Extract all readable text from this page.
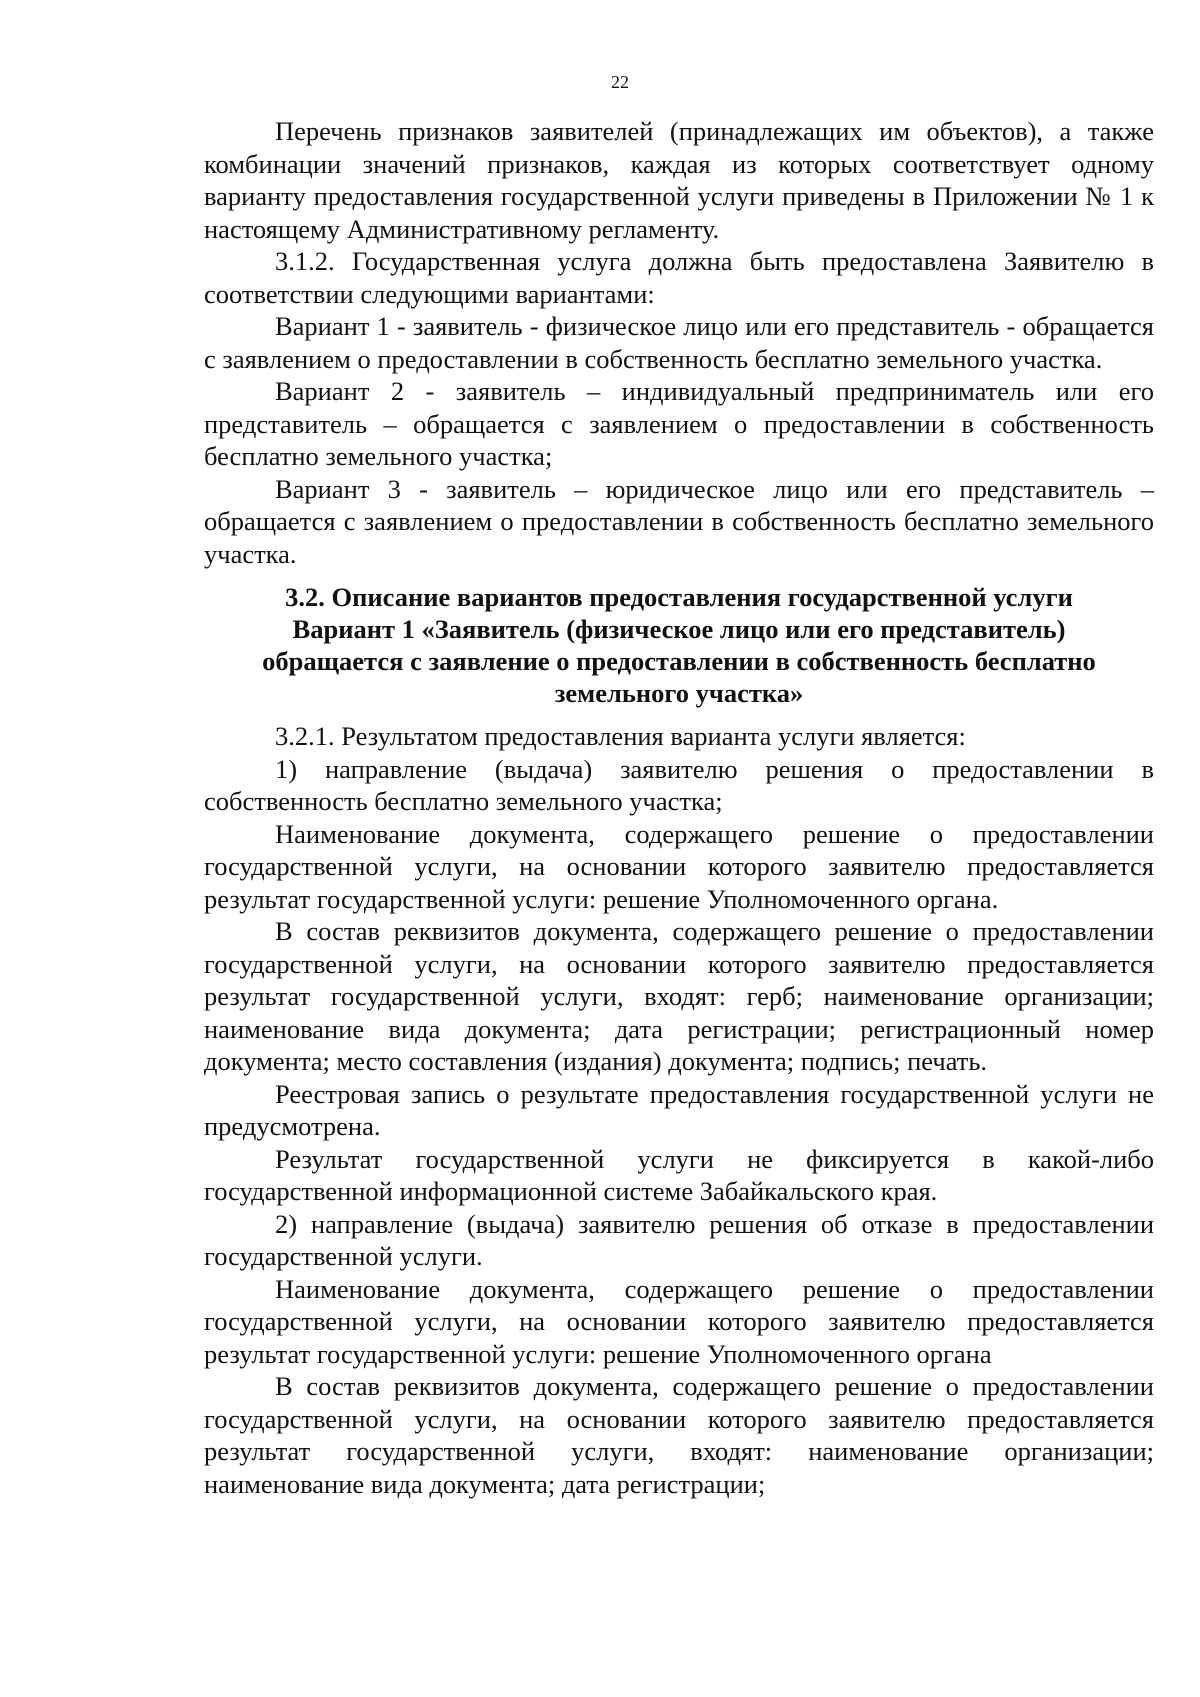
22

Перечень признаков заявителей (принадлежащих им объектов), а также комбинации значений признаков, каждая из которых соответствует одному варианту предоставления государственной услуги приведены в Приложении № 1 к настоящему Административному регламенту.

3.1.2. Государственная услуга должна быть предоставлена Заявителю в соответствии следующими вариантами:

Вариант 1 - заявитель - физическое лицо или его представитель - обращается с заявлением о предоставлении в собственность бесплатно земельного участка.

Вариант 2 - заявитель – индивидуальный предприниматель или его представитель – обращается с заявлением о предоставлении в собственность бесплатно земельного участка;

Вариант 3 - заявитель – юридическое лицо или его представитель – обращается с заявлением о предоставлении в собственность бесплатно земельного участка.

3.2. Описание вариантов предоставления государственной услуги
Вариант 1 «Заявитель (физическое лицо или его представитель)
обращается с заявление о предоставлении в собственность бесплатно
земельного участка»

3.2.1. Результатом предоставления варианта услуги является:

1) направление (выдача) заявителю решения о предоставлении в собственность бесплатно земельного участка;

Наименование документа, содержащего решение о предоставлении государственной услуги, на основании которого заявителю предоставляется результат государственной услуги: решение Уполномоченного органа.

В состав реквизитов документа, содержащего решение о предоставлении государственной услуги, на основании которого заявителю предоставляется результат государственной услуги, входят: герб; наименование организации; наименование вида документа; дата регистрации; регистрационный номер документа; место составления (издания) документа; подпись; печать.

Реестровая запись о результате предоставления государственной услуги не предусмотрена.

Результат государственной услуги не фиксируется в какой-либо государственной информационной системе Забайкальского края.

2) направление (выдача) заявителю решения об отказе в предоставлении государственной услуги.

Наименование документа, содержащего решение о предоставлении государственной услуги, на основании которого заявителю предоставляется результат государственной услуги: решение Уполномоченного органа

В состав реквизитов документа, содержащего решение о предоставлении государственной услуги, на основании которого заявителю предоставляется результат государственной услуги, входят: наименование организации; наименование вида документа; дата регистрации;
